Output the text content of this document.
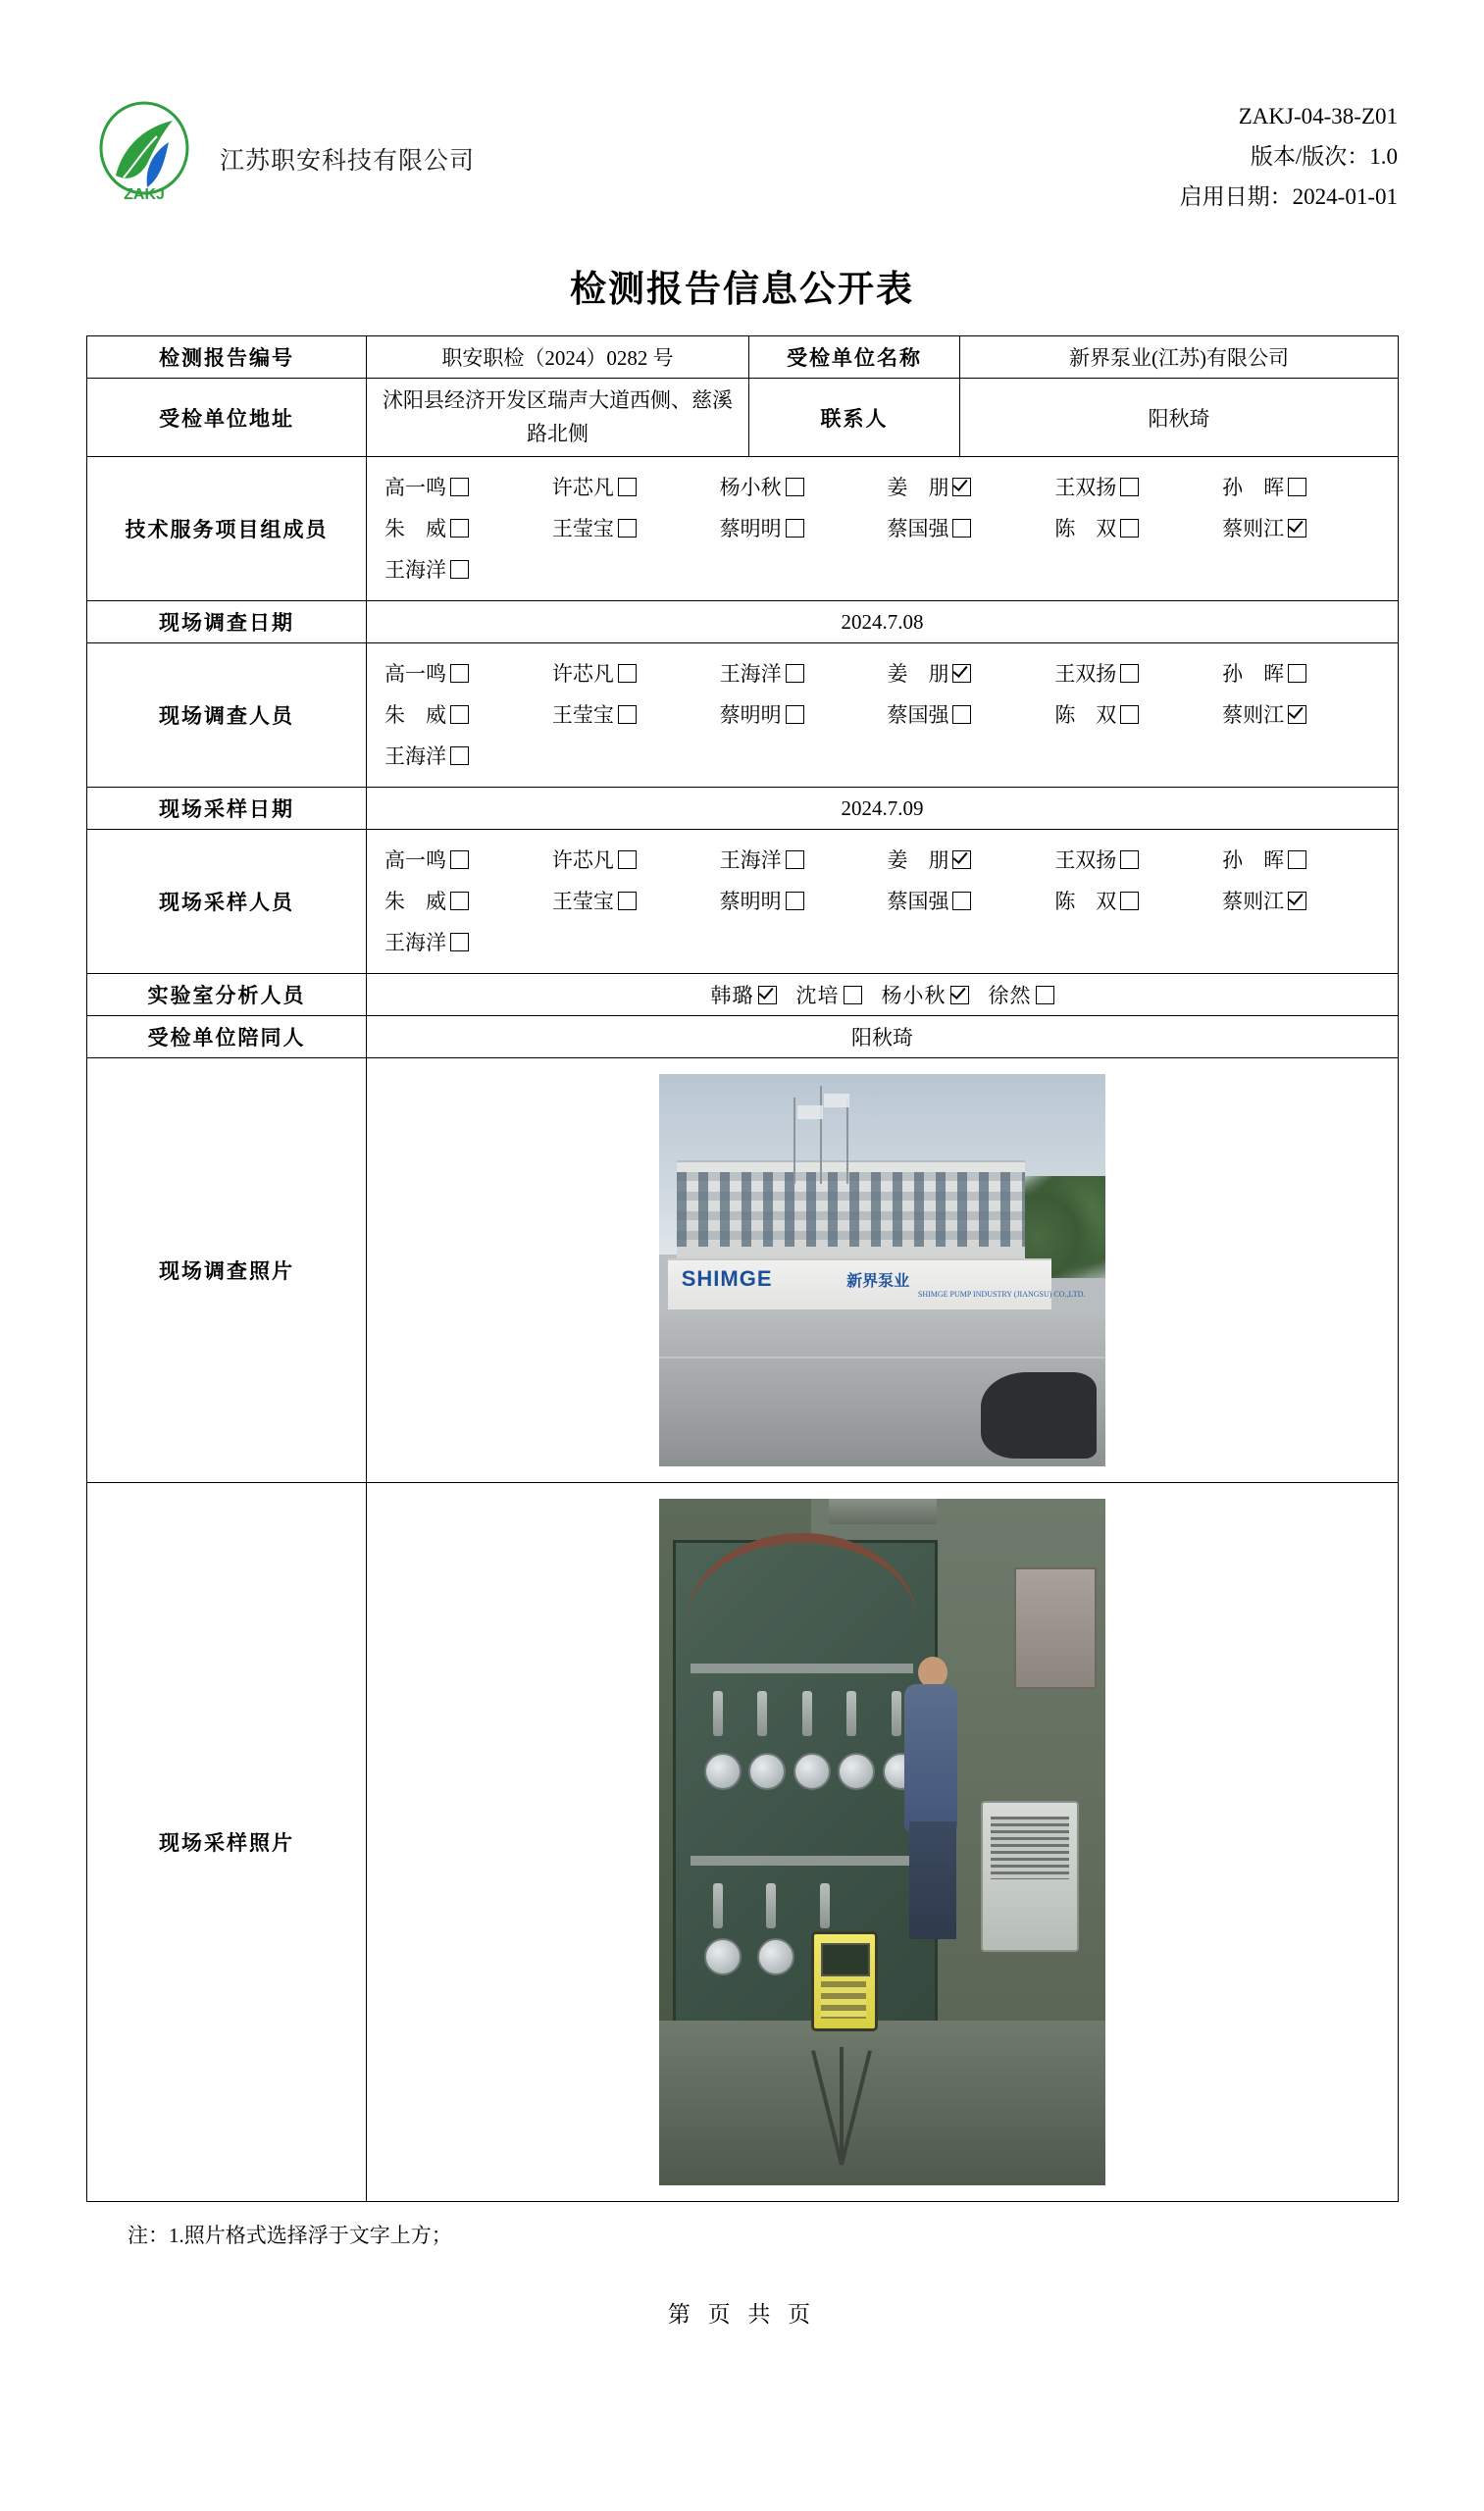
ZAKJ
江苏职安科技有限公司
ZAKJ-04-38-Z01
版本/版次：1.0
启用日期：2024-01-01
检测报告信息公开表
检测报告编号	职安职检（2024）0282 号	受检单位名称	新界泵业(江苏)有限公司
受检单位地址	沭阳县经济开发区瑞声大道西侧、慈溪路北侧	联系人	阳秋琦
技术服务项目组成员	
高一鸣	许芯凡	杨小秋	姜　朋	王双扬	孙　晖
朱　威	王莹宝	蔡明明	蔡国强	陈　双	蔡则江
王海洋

现场调查日期	2024.7.08		
现场调查人员	
高一鸣	许芯凡	王海洋	姜　朋	王双扬	孙　晖
朱　威	王莹宝	蔡明明	蔡国强	陈　双	蔡则江
王海洋

现场采样日期	2024.7.09		
现场采样人员	
高一鸣	许芯凡	王海洋	姜　朋	王双扬	孙　晖
朱　威	王莹宝	蔡明明	蔡国强	陈　双	蔡则江
王海洋

实验室分析人员	韩璐 沈培 杨小秋 徐然		
受检单位陪同人	阳秋琦		
现场调查照片	SHIMGE 新界泵业
SHIMGE PUMP INDUSTRY (JIANGSU) CO.,LTD.		

现场采样照片			
注：1.照片格式选择浮于文字上方；
第 页 共 页
